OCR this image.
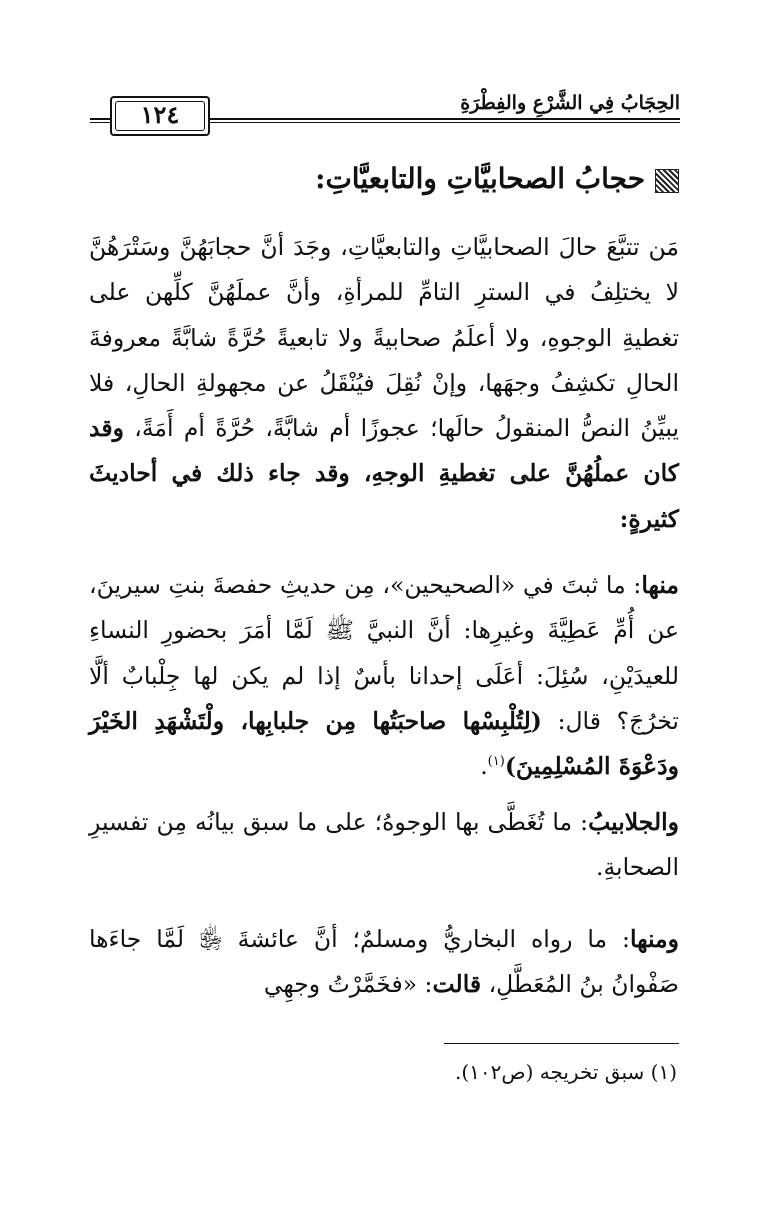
الحِجَابُ فِي الشَّرْعِ والفِطْرَةِ
١٢٤
حجابُ الصحابيَّاتِ والتابعيَّاتِ:
مَن تتبَّعَ حالَ الصحابيَّاتِ والتابعيَّاتِ، وجَدَ أنَّ حجابَهُنَّ وسَتْرَهُنَّ لا يختلِفُ في السترِ التامِّ للمرأةِ، وأنَّ عملَهُنَّ كلِّهن على تغطيةِ الوجوهِ، ولا أعلَمُ صحابيةً ولا تابعيةً حُرَّةً شابَّةً معروفةَ الحالِ تكشِفُ وجهَها، وإنْ نُقِلَ فيُنْقَلُ عن مجهولةِ الحالِ، فلا يبيِّنُ النصُّ المنقولُ حالَها؛ عجوزًا أم شابَّةً، حُرَّةً أم أَمَةً، وقد كان عملُهُنَّ على تغطيةِ الوجهِ، وقد جاء ذلك في أحاديثَ كثيرةٍ:
منها: ما ثبتَ في «الصحيحين»، مِن حديثِ حفصةَ بنتِ سيرينَ، عن أُمِّ عَطِيَّةَ وغيرِها: أنَّ النبيَّ ﷺ لَمَّا أمَرَ بحضورِ النساءِ للعيدَيْنِ، سُئِلَ: أعَلَى إحدانا بأسٌ إذا لم يكن لها جِلْبابٌ ألَّا تخرُجَ؟ قال: (لِتُلْبِسْها صاحبَتُها مِن جلبابِها، ولْتَشْهَدِ الخَيْرَ ودَعْوَةَ المُسْلِمِينَ)$^{(١)}$.
والجلابيبُ: ما تُغَطَّى بها الوجوهُ؛ على ما سبق بيانُه مِن تفسيرِ الصحابةِ.
ومنها: ما رواه البخاريُّ ومسلمٌ؛ أنَّ عائشةَ ﵂ لَمَّا جاءَها صَفْوانُ بنُ المُعَطَّلِ، قالت: «فخَمَّرْتُ وجهِي
(١) سبق تخريجه (ص١٠٢).
